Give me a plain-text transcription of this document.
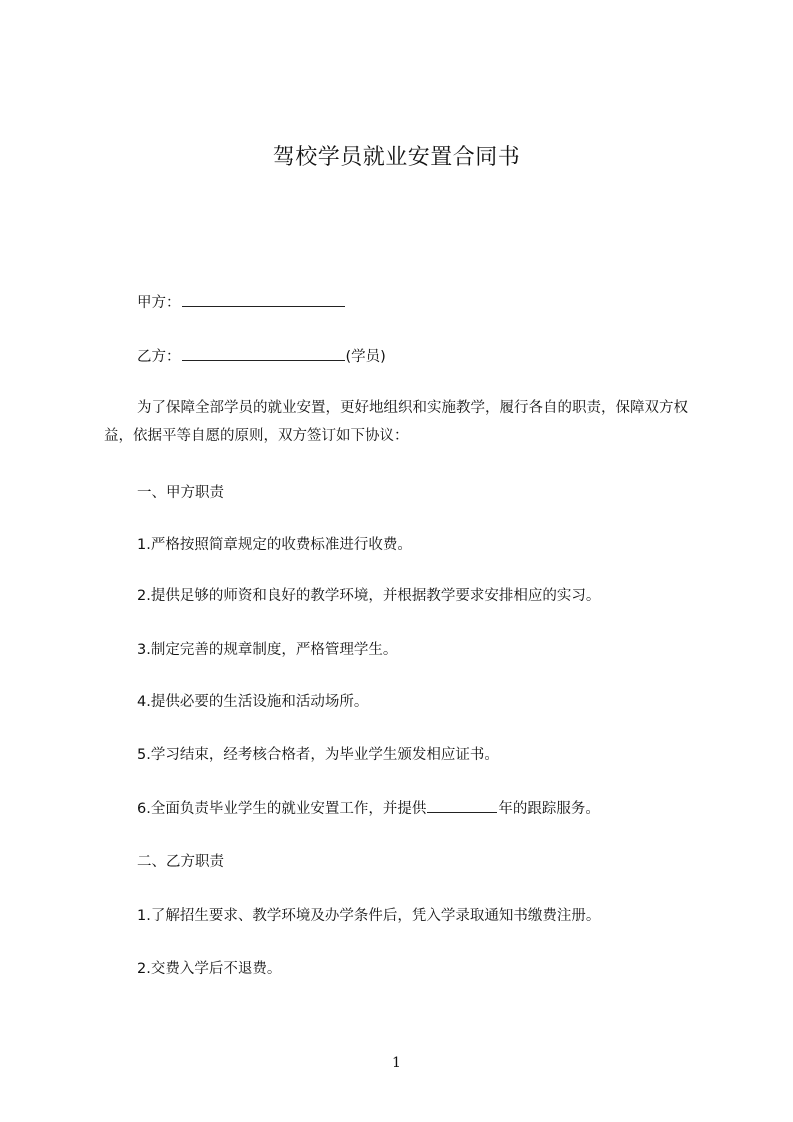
驾校学员就业安置合同书
甲方：
乙方：	(学员)
为了保障全部学员的就业安置，更好地组织和实施教学，履行各自的职责，保障双方权益，依据平等自愿的原则，双方签订如下协议：
一、甲方职责
1.严格按照简章规定的收费标准进行收费。
2.提供足够的师资和良好的教学环境，并根据教学要求安排相应的实习。
3.制定完善的规章制度，严格管理学生。
4.提供必要的生活设施和活动场所。
5.学习结束，经考核合格者，为毕业学生颁发相应证书。
6.全面负责毕业学生的就业安置工作，并提供	年的跟踪服务。
二、乙方职责
1.了解招生要求、教学环境及办学条件后，凭入学录取通知书缴费注册。
2.交费入学后不退费。
1
